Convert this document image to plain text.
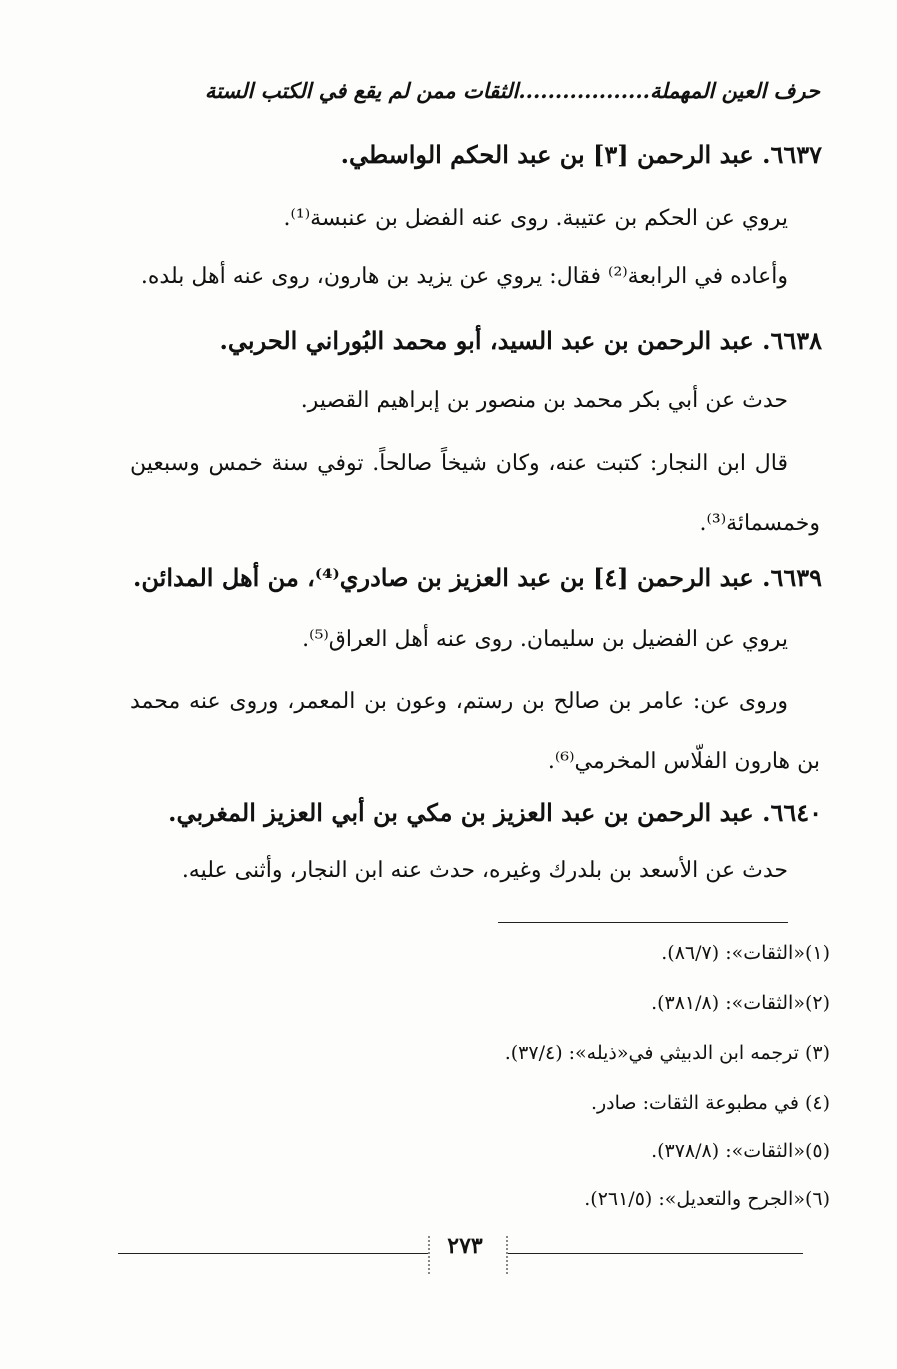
حرف العين المهملة..................الثقات ممن لم يقع في الكتب الستة
٦٦٣٧. عبد الرحمن [٣] بن عبد الحكم الواسطي.
يروي عن الحكم بن عتيبة. روى عنه الفضل بن عنبسة⁽¹⁾.
وأعاده في الرابعة⁽²⁾ فقال: يروي عن يزيد بن هارون، روى عنه أهل بلده.
٦٦٣٨. عبد الرحمن بن عبد السيد، أبو محمد البُوراني الحربي.
حدث عن أبي بكر محمد بن منصور بن إبراهيم القصير.
قال ابن النجار: كتبت عنه، وكان شيخاً صالحاً. توفي سنة خمس وسبعين وخمسمائة⁽³⁾.
٦٦٣٩. عبد الرحمن [٤] بن عبد العزيز بن صادري⁽⁴⁾، من أهل المدائن.
يروي عن الفضيل بن سليمان. روى عنه أهل العراق⁽⁵⁾.
وروى عن: عامر بن صالح بن رستم، وعون بن المعمر، وروى عنه محمد بن هارون الفلّاس المخرمي⁽⁶⁾.
٦٦٤٠. عبد الرحمن بن عبد العزيز بن مكي بن أبي العزيز المغربي.
حدث عن الأسعد بن بلدرك وغيره، حدث عنه ابن النجار، وأثنى عليه.
(١)«الثقات»: (٨٦/٧).
(٢)«الثقات»: (٣٨١/٨).
(٣) ترجمه ابن الدبيثي في«ذيله»: (٣٧/٤).
(٤) في مطبوعة الثقات: صادر.
(٥)«الثقات»: (٣٧٨/٨).
(٦)«الجرح والتعديل»: (٢٦١/٥).
٢٧٣
